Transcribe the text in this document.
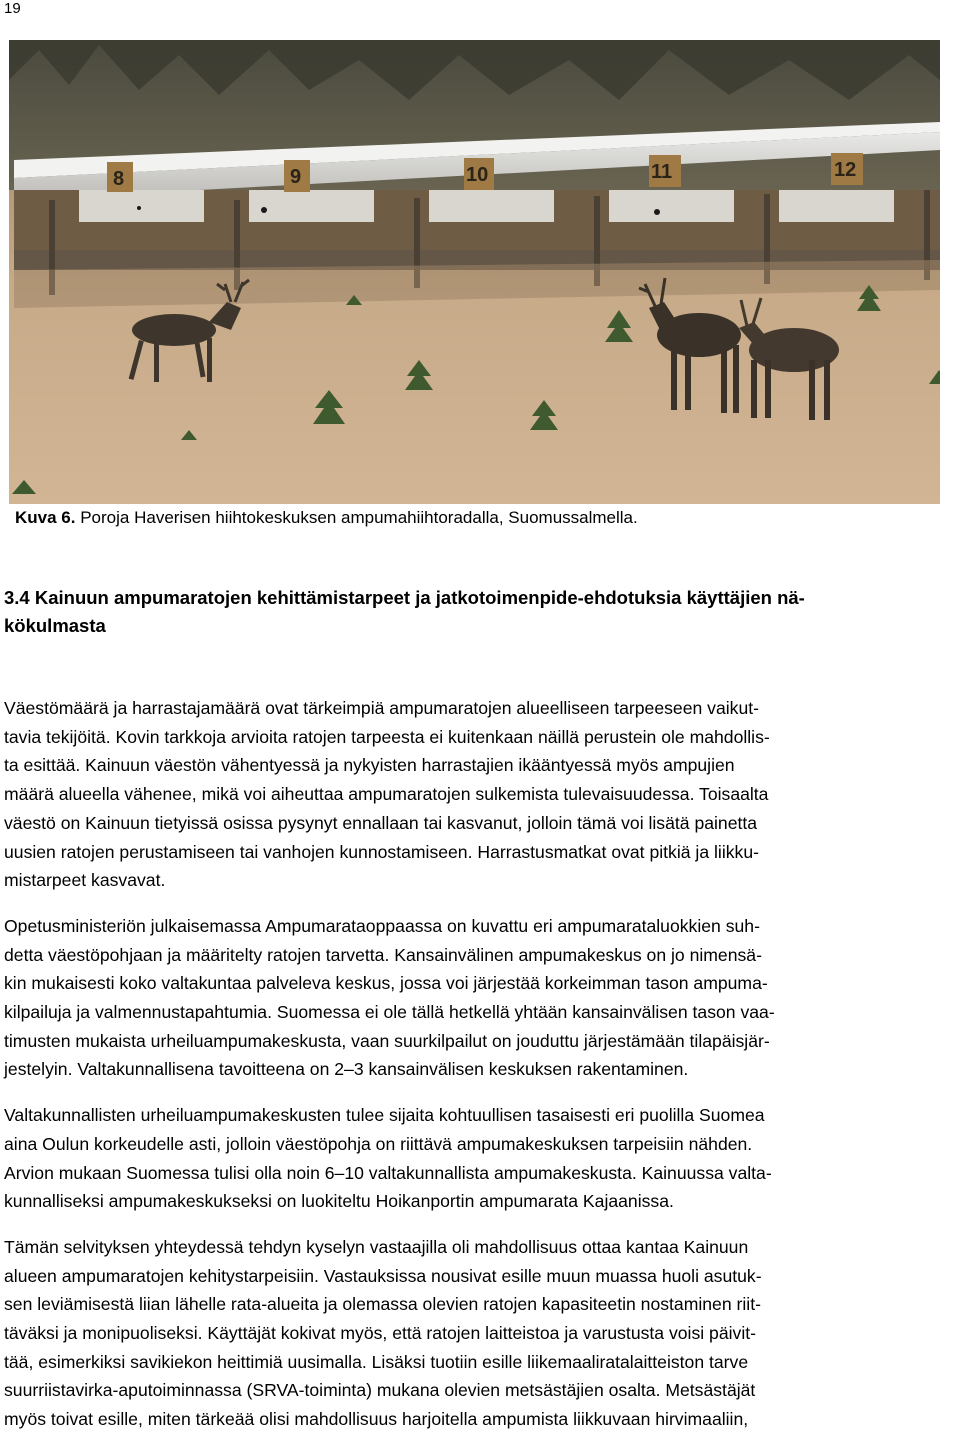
19
8	9	10	11	12
Kuva 6. Poroja Haverisen hiihtokeskuksen ampumahiihtoradalla, Suomussalmella.
3.4 Kainuun ampumaratojen kehittämistarpeet ja jatkotoimenpide-ehdotuksia käyttäjien nä-
kökulmasta

Väestömäärä ja harrastajamäärä ovat tärkeimpiä ampumaratojen alueelliseen tarpeeseen vaikut-
tavia tekijöitä. Kovin tarkkoja arvioita ratojen tarpeesta ei kuitenkaan näillä perustein ole mahdollis-
ta esittää. Kainuun väestön vähentyessä ja nykyisten harrastajien ikääntyessä myös ampujien
määrä alueella vähenee, mikä voi aiheuttaa ampumaratojen sulkemista tulevaisuudessa. Toisaalta
väestö on Kainuun tietyissä osissa pysynyt ennallaan tai kasvanut, jolloin tämä voi lisätä painetta
uusien ratojen perustamiseen tai vanhojen kunnostamiseen. Harrastusmatkat ovat pitkiä ja liikku-
mistarpeet kasvavat.

Opetusministeriön julkaisemassa Ampumarataoppaassa on kuvattu eri ampumarataluokkien suh-
detta väestöpohjaan ja määritelty ratojen tarvetta. Kansainvälinen ampumakeskus on jo nimensä-
kin mukaisesti koko valtakuntaa palveleva keskus, jossa voi järjestää korkeimman tason ampuma-
kilpailuja ja valmennustapahtumia. Suomessa ei ole tällä hetkellä yhtään kansainvälisen tason vaa-
timusten mukaista urheiluampumakeskusta, vaan suurkilpailut on jouduttu järjestämään tilapäisjär-
jestelyin. Valtakunnallisena tavoitteena on 2–3 kansainvälisen keskuksen rakentaminen.

Valtakunnallisten urheiluampumakeskusten tulee sijaita kohtuullisen tasaisesti eri puolilla Suomea
aina Oulun korkeudelle asti, jolloin väestöpohja on riittävä ampumakeskuksen tarpeisiin nähden.
Arvion mukaan Suomessa tulisi olla noin 6–10 valtakunnallista ampumakeskusta. Kainuussa valta-
kunnalliseksi ampumakeskukseksi on luokiteltu Hoikanportin ampumarata Kajaanissa.

Tämän selvityksen yhteydessä tehdyn kyselyn vastaajilla oli mahdollisuus ottaa kantaa Kainuun
alueen ampumaratojen kehitystarpeisiin. Vastauksissa nousivat esille muun muassa huoli asutuk-
sen leviämisestä liian lähelle rata-alueita ja olemassa olevien ratojen kapasiteetin nostaminen riit-
täväksi ja monipuoliseksi. Käyttäjät kokivat myös, että ratojen laitteistoa ja varustusta voisi päivit-
tää, esimerkiksi savikiekon heittimiä uusimalla. Lisäksi tuotiin esille liikemaaliratalaitteiston tarve
suurriistavirka-aputoiminnassa (SRVA-toiminta) mukana olevien metsästäjien osalta. Metsästäjät
myös toivat esille, miten tärkeää olisi mahdollisuus harjoitella ampumista liikkuvaan hirvimaaliin,
